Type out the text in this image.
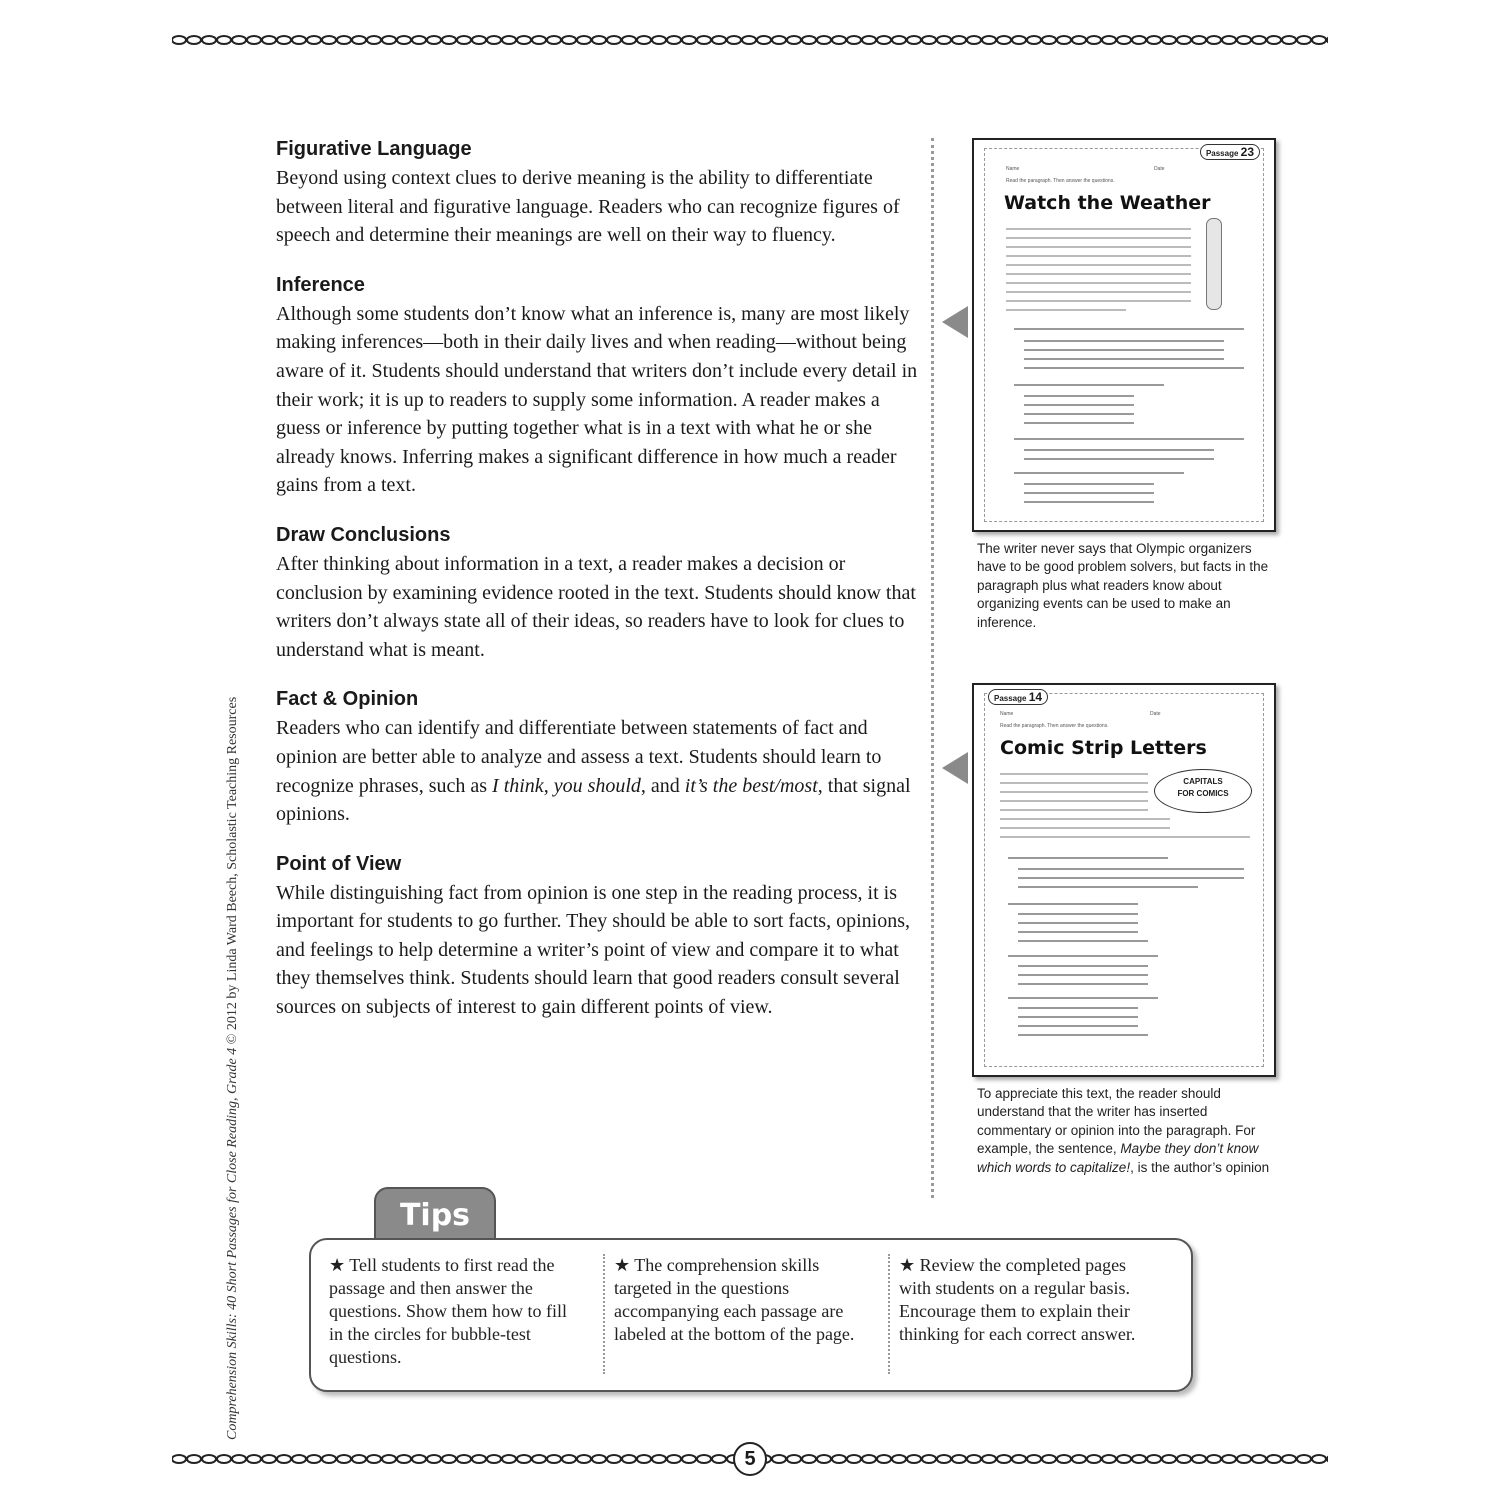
5
Comprehension Skills: 40 Short Passages for Close Reading, Grade 4 © 2012 by Linda Ward Beech, Scholastic Teaching Resources
Figurative Language

Beyond using context clues to derive meaning is the ability to differentiate between literal and figurative language. Readers who can recognize figures of speech and determine their meanings are well on their way to fluency.

Inference

Although some students don’t know what an inference is, many are most likely making inferences—both in their daily lives and when reading—without being aware of it. Students should understand that writers don’t include every detail in their work; it is up to readers to supply some information. A reader makes a guess or inference by putting together what is in a text with what he or she already knows. Inferring makes a significant difference in how much a reader gains from a text.

Draw Conclusions

After thinking about information in a text, a reader makes a decision or conclusion by examining evidence rooted in the text. Students should know that writers don’t always state all of their ideas, so readers have to look for clues to understand what is meant.

Fact & Opinion

Readers who can identify and differentiate between statements of fact and opinion are better able to analyze and assess a text. Students should learn to recognize phrases, such as I think, you should, and it’s the best/most, that signal opinions.

Point of View

While distinguishing fact from opinion is one step in the reading process, it is important for students to go further. They should be able to sort facts, opinions, and feelings to help determine a writer’s point of view and compare it to what they themselves think. Students should learn that good readers consult several sources on subjects of interest to gain different points of view.

Passage 23
Name	Date
Read the paragraph. Then answer the questions.
Watch the Weather
The writer never says that Olympic organizers have to be good problem solvers, but facts in the paragraph plus what readers know about organizing events can be used to make an inference.
Passage 14
Name	Date
Read the paragraph. Then answer the questions.
Comic Strip Letters
CAPITALS
FOR COMICS
To appreciate this text, the reader should understand that the writer has inserted commentary or opinion into the paragraph. For example, the sentence, Maybe they don’t know which words to capitalize!, is the author’s opinion
Tips
★ Tell students to first read the passage and then answer the questions. Show them how to fill in the circles for bubble-test questions.
★ The comprehension skills targeted in the questions accompanying each passage are labeled at the bottom of the page.
★ Review the completed pages with students on a regular basis. Encourage them to explain their thinking for each correct answer.
